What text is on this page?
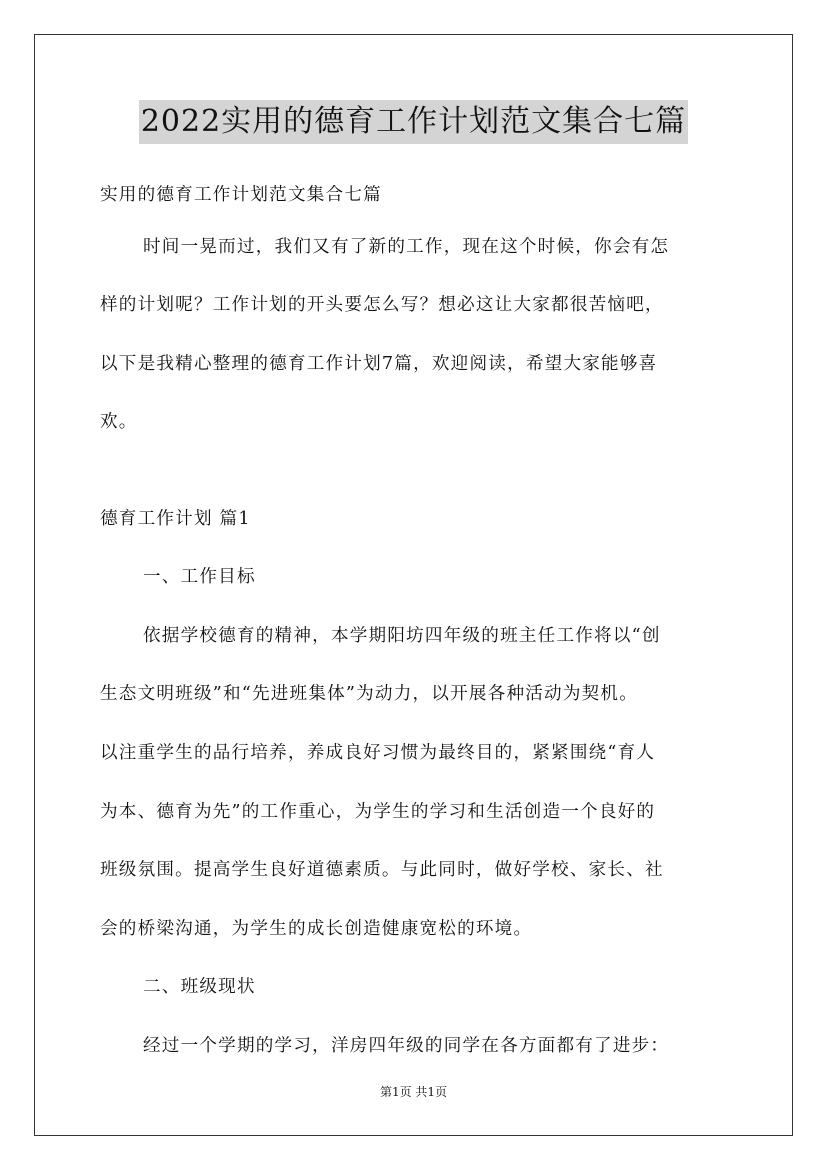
2022实用的德育工作计划范文集合七篇

实用的德育工作计划范文集合七篇

时间一晃而过，我们又有了新的工作，现在这个时候，你会有怎

样的计划呢？工作计划的开头要怎么写？想必这让大家都很苦恼吧，

以下是我精心整理的德育工作计划7篇，欢迎阅读，希望大家能够喜

欢。

德育工作计划 篇1

一、工作目标

依据学校德育的精神，本学期阳坊四年级的班主任工作将以“创

生态文明班级”和“先进班集体”为动力，以开展各种活动为契机。

以注重学生的品行培养，养成良好习惯为最终目的，紧紧围绕“育人

为本、德育为先”的工作重心，为学生的学习和生活创造一个良好的

班级氛围。提高学生良好道德素质。与此同时，做好学校、家长、社

会的桥梁沟通，为学生的成长创造健康宽松的环境。

二、班级现状

经过一个学期的学习，洋房四年级的同学在各方面都有了进步：

第1页 共1页
